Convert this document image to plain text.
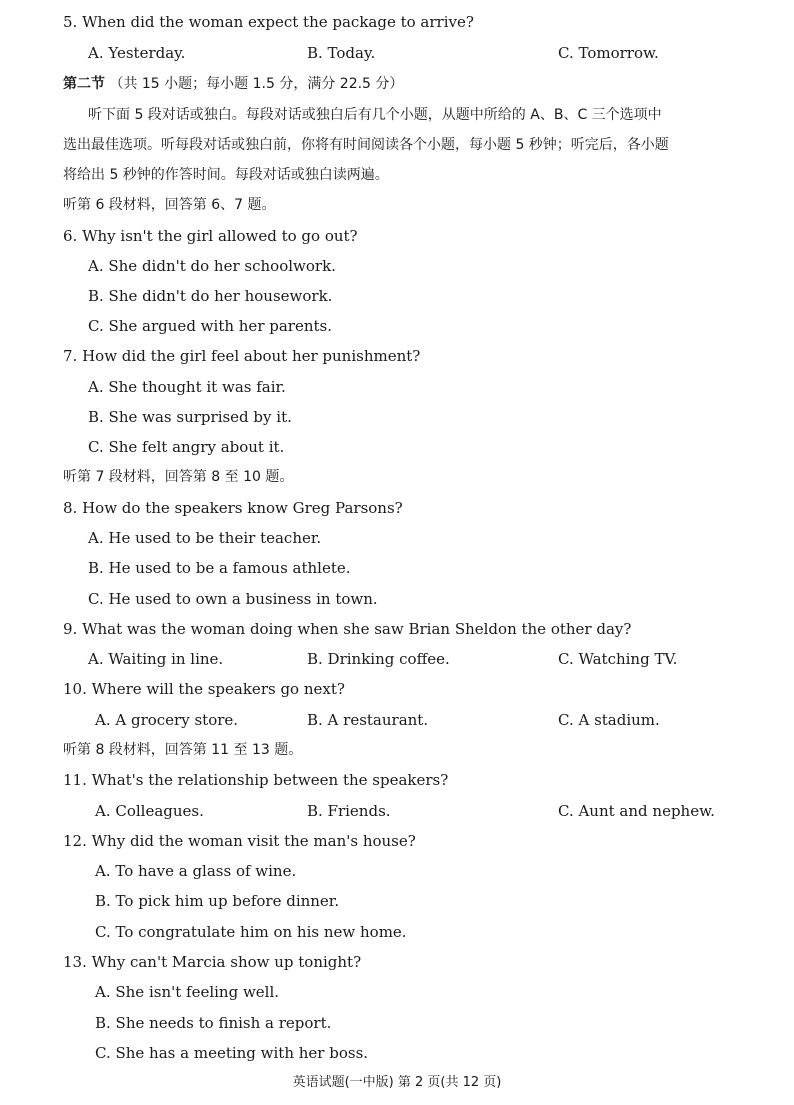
5. When did the woman expect the package to arrive?
A. Yesterday.	B. Today.	C. Tomorrow.
第二节 （共 15 小题；每小题 1.5 分，满分 22.5 分）
听下面 5 段对话或独白。每段对话或独白后有几个小题，从题中所给的 A、B、C 三个选项中
选出最佳选项。听每段对话或独白前，你将有时间阅读各个小题，每小题 5 秒钟；听完后，各小题
将给出 5 秒钟的作答时间。每段对话或独白读两遍。
听第 6 段材料，回答第 6、7 题。
6. Why isn't the girl allowed to go out?
A. She didn't do her schoolwork.
B. She didn't do her housework.
C. She argued with her parents.
7. How did the girl feel about her punishment?
A. She thought it was fair.
B. She was surprised by it.
C. She felt angry about it.
听第 7 段材料，回答第 8 至 10 题。
8. How do the speakers know Greg Parsons?
A. He used to be their teacher.
B. He used to be a famous athlete.
C. He used to own a business in town.
9. What was the woman doing when she saw Brian Sheldon the other day?
A. Waiting in line.	B. Drinking coffee.	C. Watching TV.
10. Where will the speakers go next?
A. A grocery store.	B. A restaurant.	C. A stadium.
听第 8 段材料，回答第 11 至 13 题。
11. What's the relationship between the speakers?
A. Colleagues.	B. Friends.	C. Aunt and nephew.
12. Why did the woman visit the man's house?
A. To have a glass of wine.
B. To pick him up before dinner.
C. To congratulate him on his new home.
13. Why can't Marcia show up tonight?
A. She isn't feeling well.
B. She needs to finish a report.
C. She has a meeting with her boss.
英语试题(一中版) 第 2 页(共 12 页)
